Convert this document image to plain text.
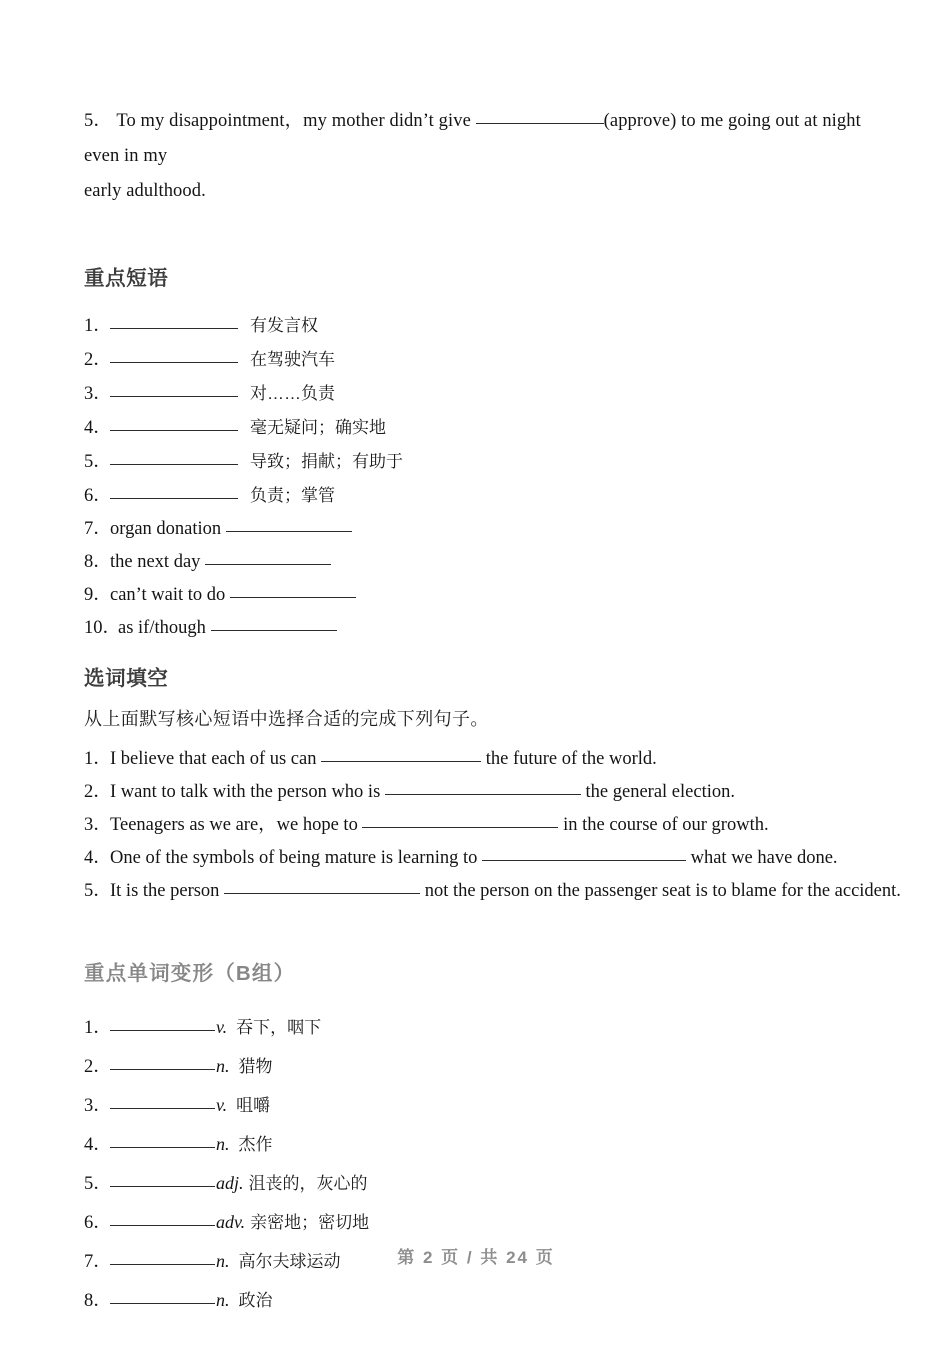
5． To my disappointment，my mother didn’t give	(approve) to me going out at night even in my
early adulthood.
重点短语
1．	有发言权
2．	在驾驶汽车
3．	对……负责
4．	毫无疑问；确实地
5．	导致；捐献；有助于
6．	负责；掌管
7．organ donation
8．the next day
9．can’t wait to do
10．as if/though
选词填空
从上面默写核心短语中选择合适的完成下列句子。
1．I believe that each of us can	the future of the world.
2．I want to talk with the person who is	the general election.
3．Teenagers as we are，we hope to	in the course of our growth.
4．One of the symbols of being mature is learning to	what we have done.
5．It is the person	not the person on the passenger seat is to blame for the accident.
重点单词变形（B组）
1．	v. 吞下，咽下
2．	n. 猎物
3．	v. 咀嚼
4．	n. 杰作
5．	adj. 沮丧的，灰心的
6．	adv. 亲密地；密切地
7．	n. 高尔夫球运动
8．	n. 政治
第 2 页 / 共 24 页
